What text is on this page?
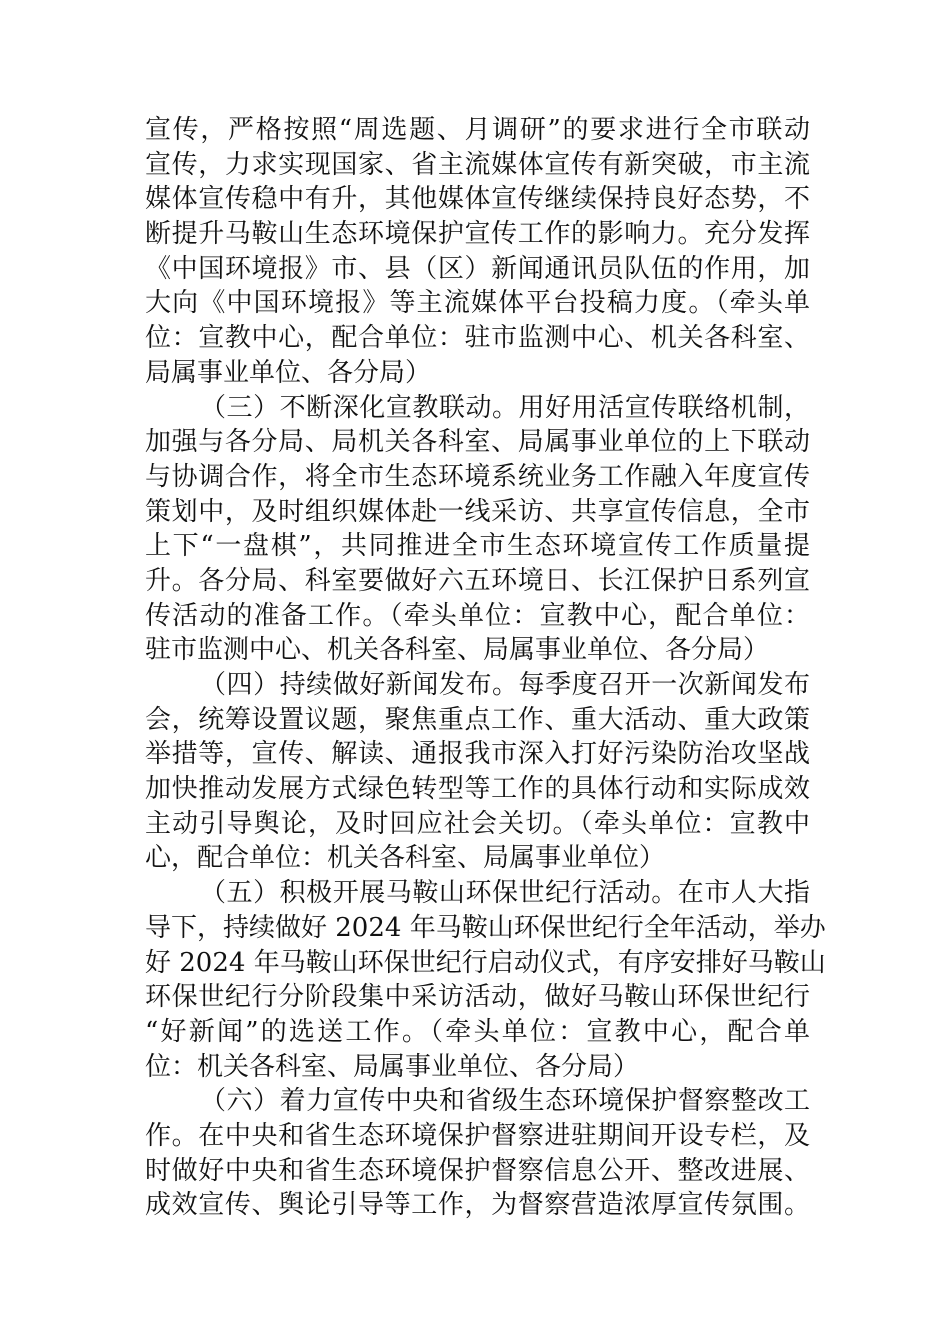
宣传，严格按照“周选题、月调研”的要求进行全市联动
宣传，力求实现国家、省主流媒体宣传有新突破，市主流
媒体宣传稳中有升，其他媒体宣传继续保持良好态势，不
断提升马鞍山生态环境保护宣传工作的影响力。充分发挥
《中国环境报》市、县（区）新闻通讯员队伍的作用，加
大向《中国环境报》等主流媒体平台投稿力度。（牵头单
位：宣教中心，配合单位：驻市监测中心、机关各科室、
局属事业单位、各分局）
（三）不断深化宣教联动。用好用活宣传联络机制，
加强与各分局、局机关各科室、局属事业单位的上下联动
与协调合作，将全市生态环境系统业务工作融入年度宣传
策划中，及时组织媒体赴一线采访、共享宣传信息，全市
上下“一盘棋”，共同推进全市生态环境宣传工作质量提
升。各分局、科室要做好六五环境日、长江保护日系列宣
传活动的准备工作。（牵头单位：宣教中心，配合单位：
驻市监测中心、机关各科室、局属事业单位、各分局）
（四）持续做好新闻发布。每季度召开一次新闻发布
会，统筹设置议题，聚焦重点工作、重大活动、重大政策
举措等，宣传、解读、通报我市深入打好污染防治攻坚战
加快推动发展方式绿色转型等工作的具体行动和实际成效
主动引导舆论，及时回应社会关切。（牵头单位：宣教中
心，配合单位：机关各科室、局属事业单位）
（五）积极开展马鞍山环保世纪行活动。在市人大指
导下，持续做好 2024 年马鞍山环保世纪行全年活动，举办
好 2024 年马鞍山环保世纪行启动仪式，有序安排好马鞍山
环保世纪行分阶段集中采访活动，做好马鞍山环保世纪行
“好新闻”的选送工作。（牵头单位：宣教中心，配合单
位：机关各科室、局属事业单位、各分局）
（六）着力宣传中央和省级生态环境保护督察整改工
作。在中央和省生态环境保护督察进驻期间开设专栏，及
时做好中央和省生态环境保护督察信息公开、整改进展、
成效宣传、舆论引导等工作，为督察营造浓厚宣传氛围。
